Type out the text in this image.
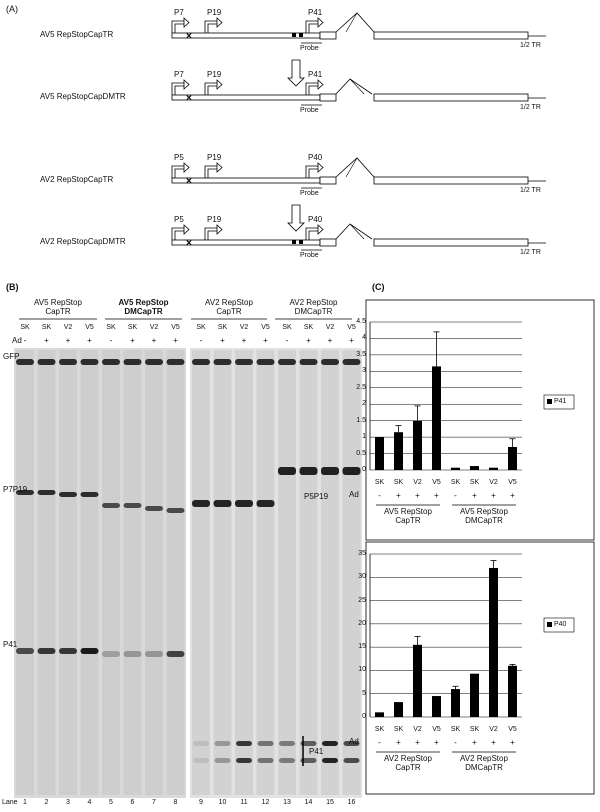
(A)
(B)	(C)
×
×
×
×
AV5 RepStopCapTR
1/2 TR
P7	P19	P41
Probe
AV5 RepStopCapDMTR
1/2 TR
P7	P19	P41
Probe
AV2 RepStopCapTR
1/2 TR
P5	P19	P40
Probe
AV2 RepStopCapDMTR
1/2 TR
P5	P19	P40
Probe
AV5 RepStop
CapTR
AV5 RepStop
DMCapTR
AV2 RepStop
CapTR
AV2 RepStop
DMCapTR
SK
-
1
SK
+
2
V2
+
3
V5
+
4
SK
-
5
SK
+
6
V2
+
7
V5
+
8
SK
-
9
SK
+
10
V2
+
11
V5
+
12
SK
-
13
SK
+
14
V2
+
15
V5
+
16
Ad
Lane
GFP
P7P19
P5P19
P41
P41
0
0.5
1
1.5
2
2.5
3
3.5
4
4.5
SK
-
SK
+
V2
+
V5
+
SK
-
SK
+
V2
+
V5
+
Ad
AV5 RepStop
CapTR
AV5 RepStop
DMCapTR
P41
0
5
10
15
20
25
30
35
SK
-
SK
+
V2
+
V5
+
SK
-
SK
+
V2
+
V5
+
Ad
AV2 RepStop
CapTR
AV2 RepStop
DMCapTR
P40
